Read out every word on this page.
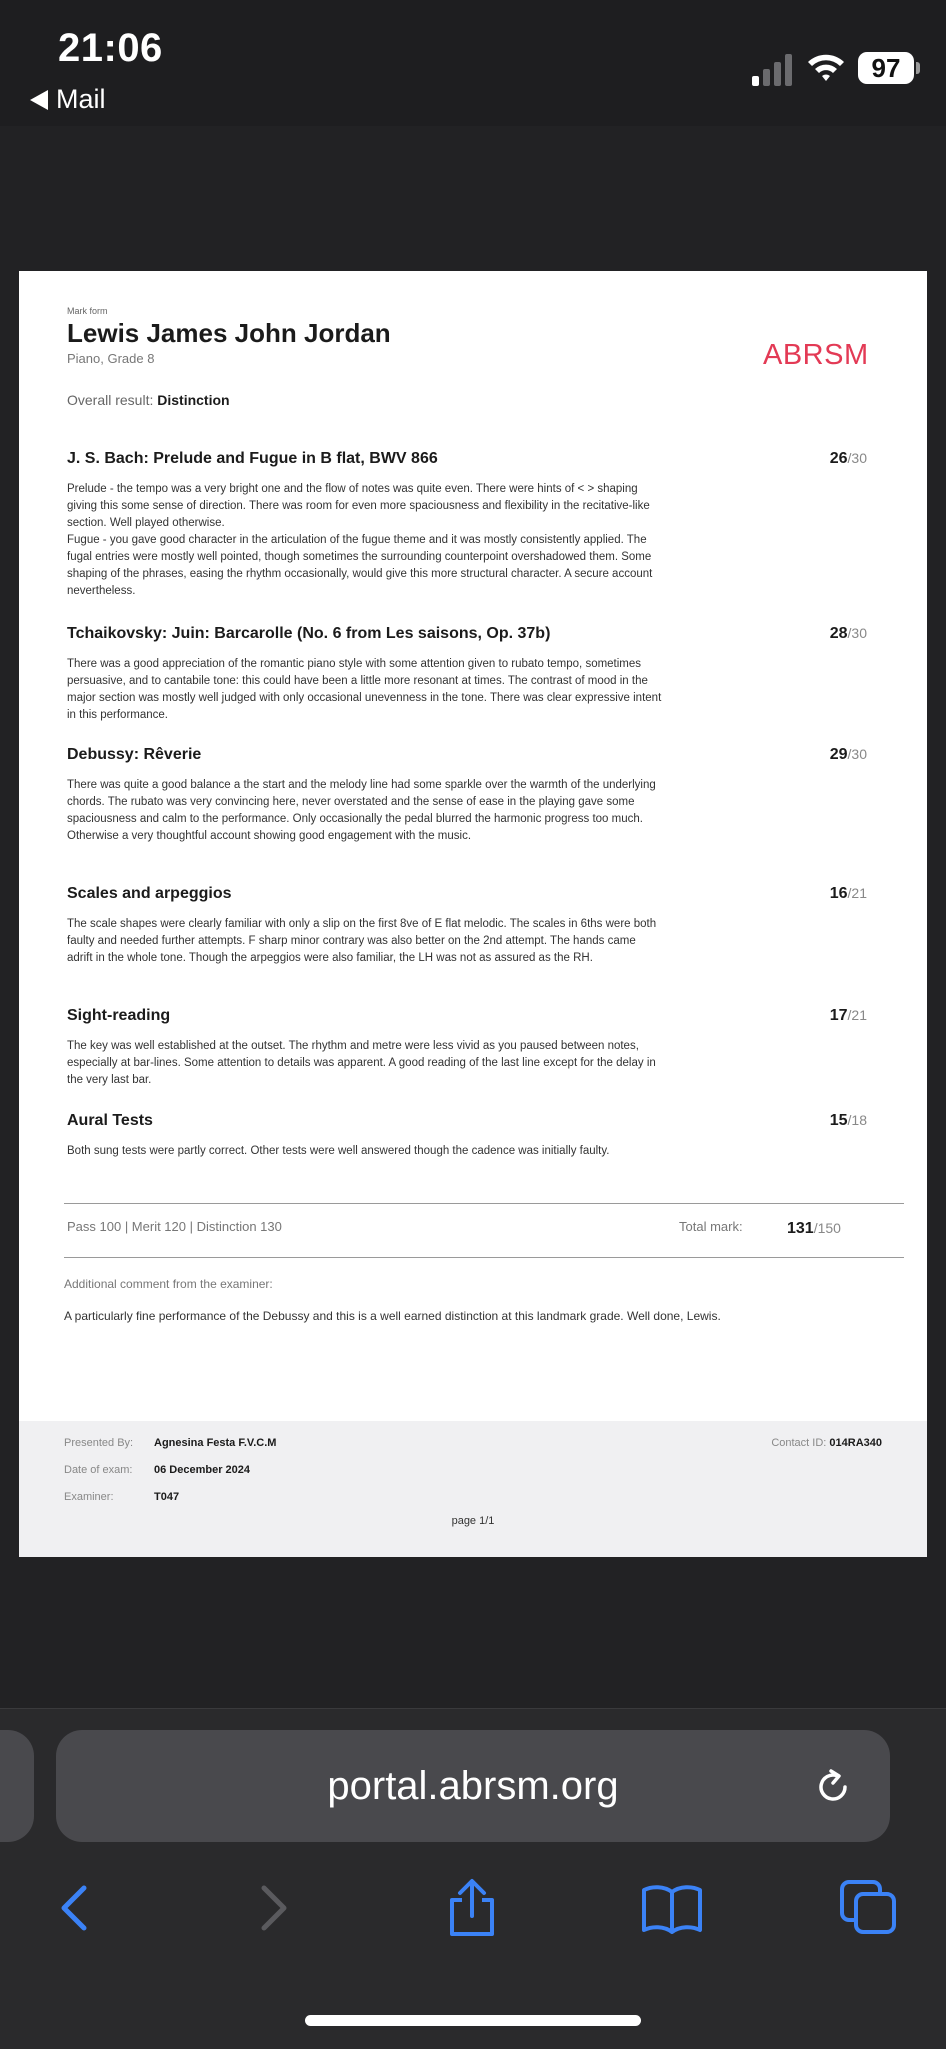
21:06
Mail
97
Mark form
Lewis James John Jordan
Piano, Grade 8	ABRSM
Overall result: Distinction
J. S. Bach: Prelude and Fugue in B flat, BWV 866	26/30
Prelude - the tempo was a very bright one and the flow of notes was quite even. There were hints of < > shaping giving this some sense of direction. There was room for even more spaciousness and flexibility in the recitative-like section. Well played otherwise.
Fugue - you gave good character in the articulation of the fugue theme and it was mostly consistently applied. The fugal entries were mostly well pointed, though sometimes the surrounding counterpoint overshadowed them. Some shaping of the phrases, easing the rhythm occasionally, would give this more structural character. A secure account nevertheless.
Tchaikovsky: Juin: Barcarolle (No. 6 from Les saisons, Op. 37b)	28/30
There was a good appreciation of the romantic piano style with some attention given to rubato tempo, sometimes persuasive, and to cantabile tone: this could have been a little more resonant at times. The contrast of mood in the major section was mostly well judged with only occasional unevenness in the tone. There was clear expressive intent in this performance.
Debussy: Rêverie	29/30
There was quite a good balance a the start and the melody line had some sparkle over the warmth of the underlying chords. The rubato was very convincing here, never overstated and the sense of ease in the playing gave some spaciousness and calm to the performance. Only occasionally the pedal blurred the harmonic progress too much. Otherwise a very thoughtful account showing good engagement with the music.
Scales and arpeggios	16/21
The scale shapes were clearly familiar with only a slip on the first 8ve of E flat melodic. The scales in 6ths were both faulty and needed further attempts. F sharp minor contrary was also better on the 2nd attempt. The hands came adrift in the whole tone. Though the arpeggios were also familiar, the LH was not as assured as the RH.
Sight-reading	17/21
The key was well established at the outset. The rhythm and metre were less vivid as you paused between notes, especially at bar-lines. Some attention to details was apparent. A good reading of the last line except for the delay in the very last bar.
Aural Tests	15/18
Both sung tests were partly correct. Other tests were well answered though the cadence was initially faulty.
Pass 100 | Merit 120 | Distinction 130	Total mark:	131/150
Additional comment from the examiner:
A particularly fine performance of the Debussy and this is a well earned distinction at this landmark grade. Well done, Lewis.
Presented By: Agnesina Festa F.V.C.M
Date of exam: 06 December 2024
Examiner:	T047
Contact ID: 014RA340
page 1/1
portal.abrsm.org
